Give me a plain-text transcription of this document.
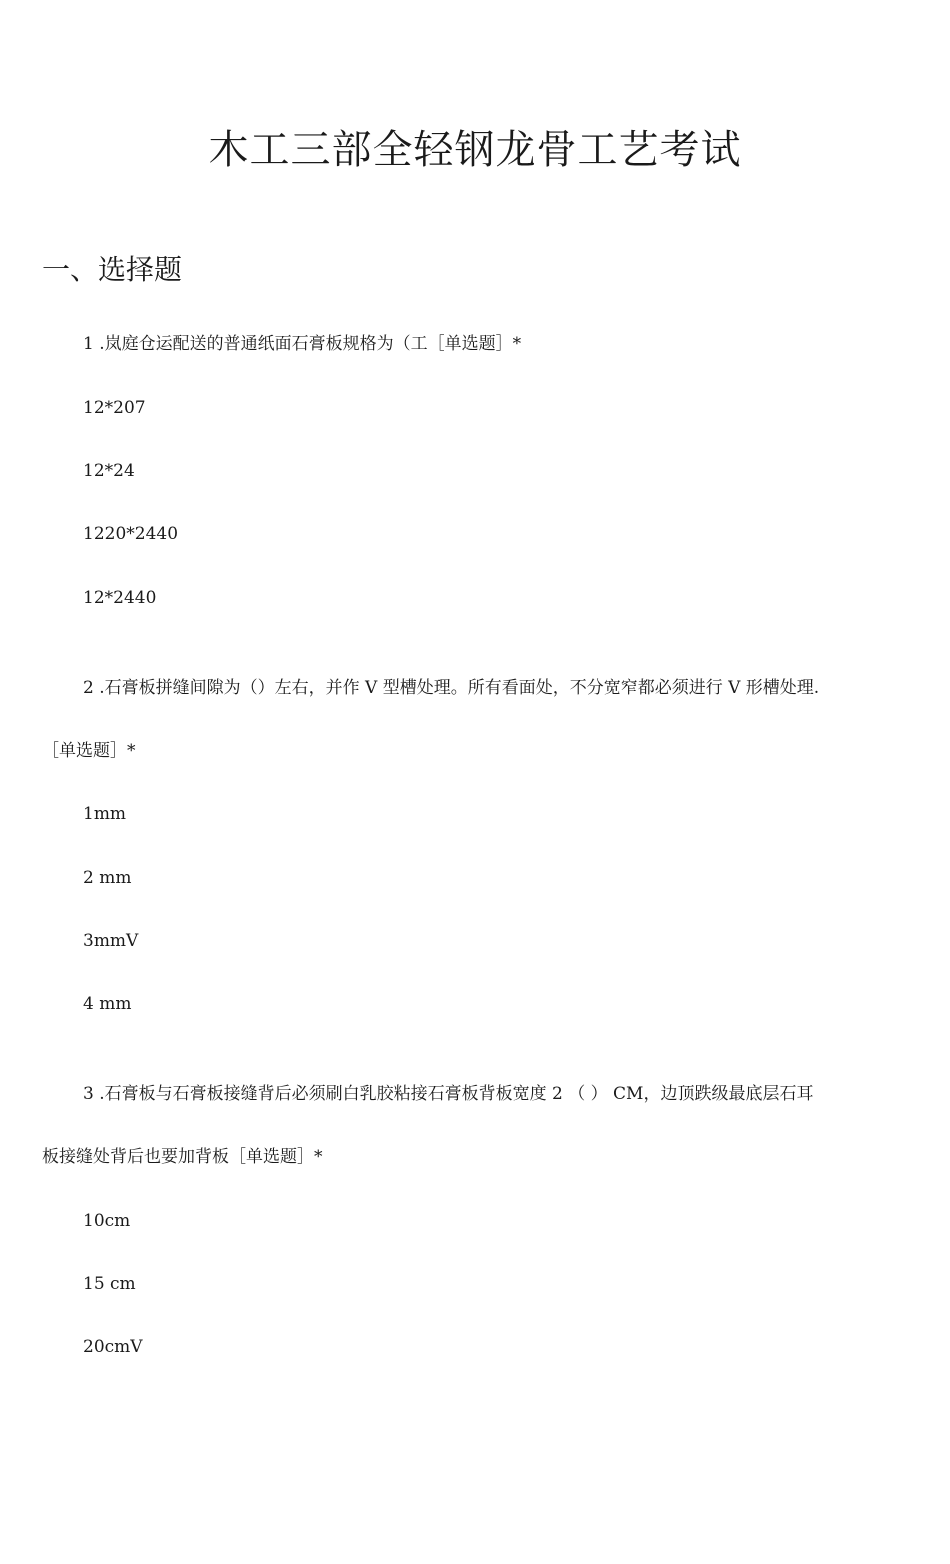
木工三部全轻钢龙骨工艺考试
一、选择题
1 .岚庭仓运配送的普通纸面石膏板规格为（工［单选题］*
12*207
12*24
1220*2440
12*2440
2 .石膏板拼缝间隙为（）左右，并作 V 型槽处理。所有看面处，不分宽窄都必须进行 V 形槽处理.
［单选题］*
1mm
2 mm
3mmV
4 mm
3 .石膏板与石膏板接缝背后必须刷白乳胶粘接石膏板背板宽度 2 （ ） CM，边顶跌级最底层石耳
板接缝处背后也要加背板［单选题］*
10cm
15 cm
20cmV
